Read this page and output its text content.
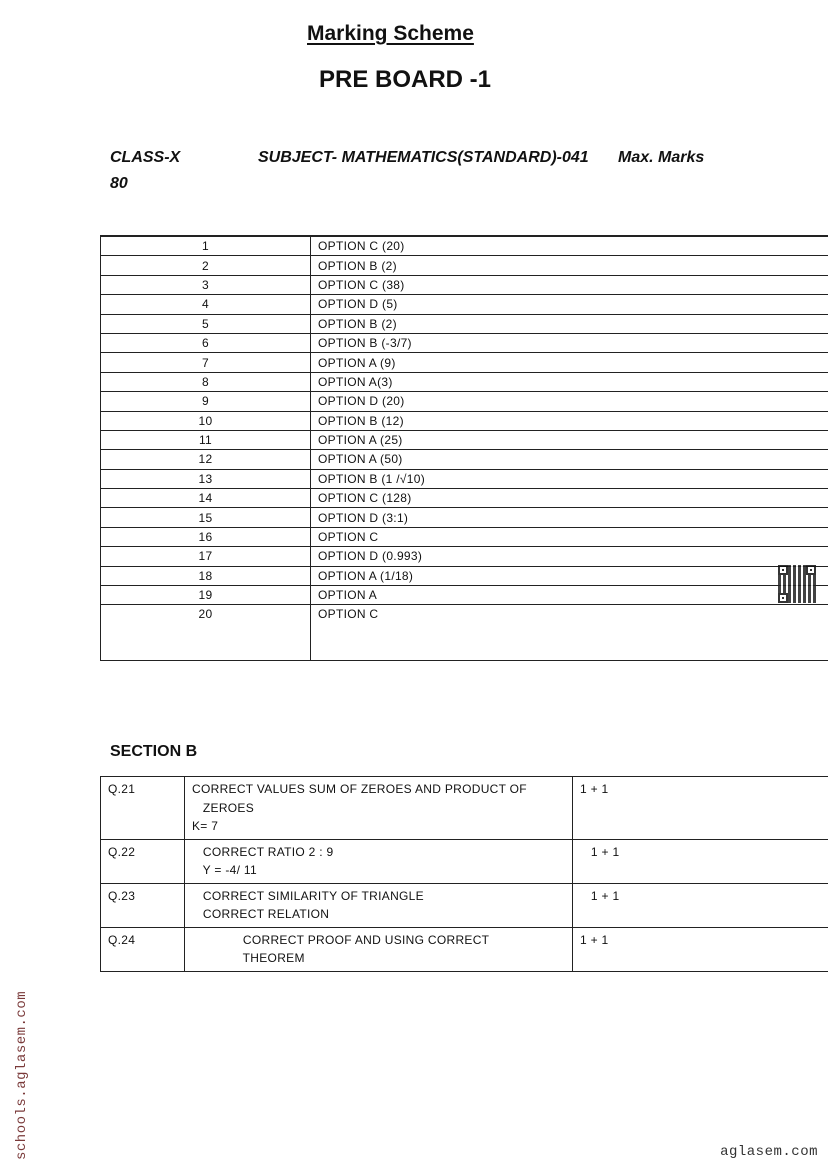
Marking Scheme
PRE BOARD -1
CLASS-X	SUBJECT- MATHEMATICS(STANDARD)-041 Max. Marks
80
1	OPTION C (20)
2	OPTION B (2)
3	OPTION C (38)
4	OPTION D (5)
5	OPTION B (2)
6	OPTION B (-3/7)
7	OPTION A (9)
8	OPTION A(3)
9	OPTION D (20)
10	OPTION B (12)
11	OPTION A (25)
12	OPTION A (50)
13	OPTION B (1 /√10)
14	OPTION C (128)
15	OPTION D (3:1)
16	OPTION C
17	OPTION D (0.993)
18	OPTION A (1/18)
19	OPTION A
20	OPTION C
SECTION B
Q.21	CORRECT VALUES SUM OF ZEROES AND PRODUCT OF
ZEROES
K= 7	1 + 1
Q.22	CORRECT RATIO 2 : 9
Y = -4/ 11	1 + 1
Q.23	CORRECT SIMILARITY OF TRIANGLE
CORRECT RELATION	1 + 1
Q.24	CORRECT PROOF AND USING CORRECT
THEOREM	1 + 1
schools.aglasem.com	aglasem.com
